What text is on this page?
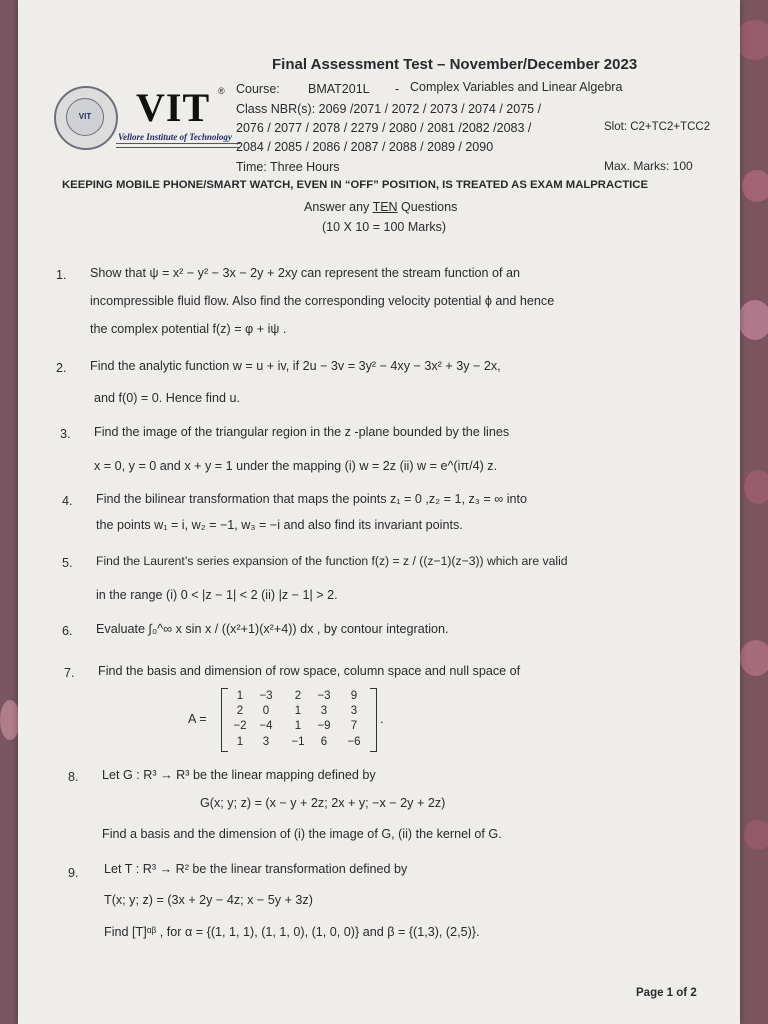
VIT	VIT ®
Vellore Institute of Technology
Final Assessment Test – November/December 2023
Course: BMAT201L - Complex Variables and Linear Algebra
Class NBR(s): 2069 /2071 / 2072 / 2073 / 2074 / 2075 /
2076 / 2077 / 2078 / 2279 / 2080 / 2081 /2082 /2083 /
2084 / 2085 / 2086 / 2087 / 2088 / 2089 / 2090
Slot: C2+TC2+TCC2
Time: Three Hours	Max. Marks: 100
KEEPING MOBILE PHONE/SMART WATCH, EVEN IN “OFF” POSITION, IS TREATED AS EXAM MALPRACTICE
Answer any TEN Questions
(10 X 10 = 100 Marks)
1. Show that ψ = x² − y² − 3x − 2y + 2xy can represent the stream function of an
incompressible fluid flow. Also find the corresponding velocity potential ϕ and hence
the complex potential f(z) = φ + iψ .
2. Find the analytic function w = u + iv, if 2u − 3v = 3y² − 4xy − 3x² + 3y − 2x,
and f(0) = 0. Hence find u.
3. Find the image of the triangular region in the z -plane bounded by the lines
x = 0, y = 0 and x + y = 1 under the mapping (i) w = 2z (ii) w = e^(iπ/4) z.
4. Find the bilinear transformation that maps the points z₁ = 0 ,z₂ = 1, z₃ = ∞ into
the points w₁ = i, w₂ = −1, w₃ = −i and also find its invariant points.
5. Find the Laurent’s series expansion of the function f(z) = z / ((z−1)(z−3)) which are valid
in the range (i) 0 < |z − 1| < 2 (ii) |z − 1| > 2.
6. Evaluate ∫₀^∞ x sin x / ((x²+1)(x²+4)) dx , by contour integration.
7. Find the basis and dimension of row space, column space and null space of
A =
1	−3	2	−3	9
2	0	1	3	3
−2	−4	1	−9	7
1	3	−1	6	−6
.
8. Let G : R³ → R³ be the linear mapping defined by
G(x; y; z) = (x − y + 2z; 2x + y; −x − 2y + 2z)
Find a basis and the dimension of (i) the image of G, (ii) the kernel of G.
9. Let T : R³ → R² be the linear transformation defined by
T(x; y; z) = (3x + 2y − 4z; x − 5y + 3z)
Find [T]ᵅᵝ , for α = {(1, 1, 1), (1, 1, 0), (1, 0, 0)} and β = {(1,3), (2,5)}.
Page 1 of 2
